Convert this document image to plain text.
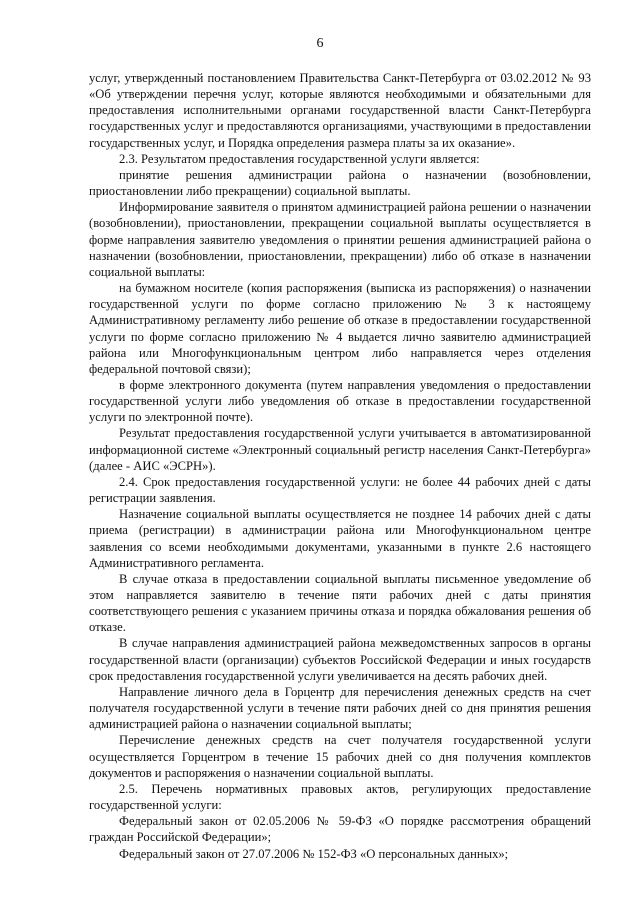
6

услуг, утвержденный постановлением Правительства Санкт-Петербурга от 03.02.2012 № 93 «Об утверждении перечня услуг, которые являются необходимыми и обязательными для предоставления исполнительными органами государственной власти Санкт-Петербурга государственных услуг и предоставляются организациями, участвующими в предоставлении государственных услуг, и Порядка определения размера платы за их оказание».

2.3. Результатом предоставления государственной услуги является:

принятие решения администрации района о назначении (возобновлении, приостановлении либо прекращении) социальной выплаты.

Информирование заявителя о принятом администрацией района решении о назначении (возобновлении), приостановлении, прекращении социальной выплаты осуществляется в форме направления заявителю уведомления о принятии решения администрацией района о назначении (возобновлении, приостановлении, прекращении) либо об отказе в назначении социальной выплаты:

на бумажном носителе (копия распоряжения (выписка из распоряжения) о назначении государственной услуги по форме согласно приложению № 3 к настоящему Административному регламенту либо решение об отказе в предоставлении государственной услуги по форме согласно приложению № 4 выдается лично заявителю администрацией района или Многофункциональным центром либо направляется через отделения федеральной почтовой связи);

в форме электронного документа (путем направления уведомления о предоставлении государственной услуги либо уведомления об отказе в предоставлении государственной услуги по электронной почте).

Результат предоставления государственной услуги учитывается в автоматизированной информационной системе «Электронный социальный регистр населения Санкт-Петербурга» (далее - АИС «ЭСРН»).

2.4. Срок предоставления государственной услуги: не более 44 рабочих дней с даты регистрации заявления.

Назначение социальной выплаты осуществляется не позднее 14 рабочих дней с даты приема (регистрации) в администрации района или Многофункциональном центре заявления со всеми необходимыми документами, указанными в пункте 2.6 настоящего Административного регламента.

В случае отказа в предоставлении социальной выплаты письменное уведомление об этом направляется заявителю в течение пяти рабочих дней с даты принятия соответствующего решения с указанием причины отказа и порядка обжалования решения об отказе.

В случае направления администрацией района межведомственных запросов в органы государственной власти (организации) субъектов Российской Федерации и иных государств срок предоставления государственной услуги увеличивается на десять рабочих дней.

Направление личного дела в Горцентр для перечисления денежных средств на счет получателя государственной услуги в течение пяти рабочих дней со дня принятия решения администрацией района о назначении социальной выплаты;

Перечисление денежных средств на счет получателя государственной услуги осуществляется Горцентром в течение 15 рабочих дней со дня получения комплектов документов и распоряжения о назначении социальной выплаты.

2.5. Перечень нормативных правовых актов, регулирующих предоставление государственной услуги:

Федеральный закон от 02.05.2006 № 59-ФЗ «О порядке рассмотрения обращений граждан Российской Федерации»;

Федеральный закон от 27.07.2006 № 152-ФЗ «О персональных данных»;
